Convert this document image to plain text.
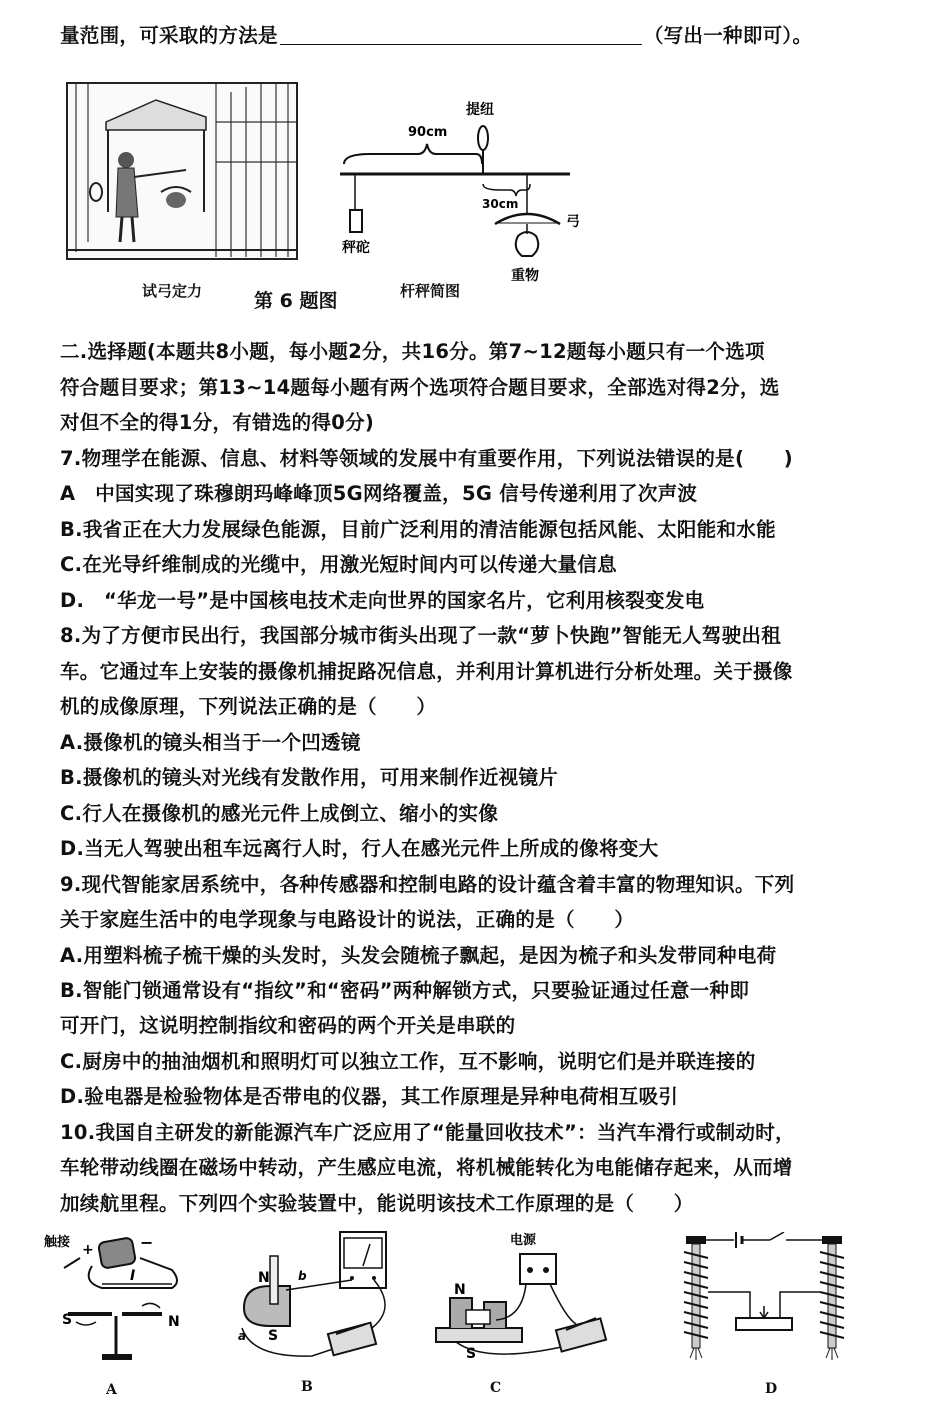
量范围，可采取的方法是	（写出一种即可）。
提纽
90cm
秤砣
30cm
弓
重物
试弓定力	第 6 题图	杆秤简图
二.选择题(本题共8小题，每小题2分，共16分。第7~12题每小题只有一个选项
符合题目要求；第13~14题每小题有两个选项符合题目要求，全部选对得2分，选
对但不全的得1分，有错选的得0分)
7.物理学在能源、信息、材料等领域的发展中有重要作用，下列说法错误的是(　　)
A　中国实现了珠穆朗玛峰峰顶5G网络覆盖，5G 信号传递利用了次声波
B.我省正在大力发展绿色能源，目前广泛利用的清洁能源包括风能、太阳能和水能
C.在光导纤维制成的光缆中，用激光短时间内可以传递大量信息
D.　“华龙一号”是中国核电技术走向世界的国家名片，它利用核裂变发电
8.为了方便市民出行，我国部分城市街头出现了一款“萝卜快跑”智能无人驾驶出租
车。它通过车上安装的摄像机捕捉路况信息，并利用计算机进行分析处理。关于摄像
机的成像原理，下列说法正确的是（　　）
A.摄像机的镜头相当于一个凹透镜
B.摄像机的镜头对光线有发散作用，可用来制作近视镜片
C.行人在摄像机的感光元件上成倒立、缩小的实像
D.当无人驾驶出租车远离行人时，行人在感光元件上所成的像将变大
9.现代智能家居系统中，各种传感器和控制电路的设计蕴含着丰富的物理知识。下列
关于家庭生活中的电学现象与电路设计的说法，正确的是（　　）
A.用塑料梳子梳干燥的头发时，头发会随梳子飘起，是因为梳子和头发带同种电荷
B.智能门锁通常设有“指纹”和“密码”两种解锁方式，只要验证通过任意一种即
可开门，这说明控制指纹和密码的两个开关是串联的
C.厨房中的抽油烟机和照明灯可以独立工作，互不影响，说明它们是并联连接的
D.验电器是检验物体是否带电的仪器，其工作原理是异种电荷相互吸引
10.我国自主研发的新能源汽车广泛应用了“能量回收技术”：当汽车滑行或制动时，
车轮带动线圈在磁场中转动，产生感应电流，将机械能转化为电能储存起来，从而增
加续航里程。下列四个实验装置中，能说明该技术工作原理的是（　　）
触接 +	−
I
S	N
A
N
S
b
a
B
电源
N
S
C	D
